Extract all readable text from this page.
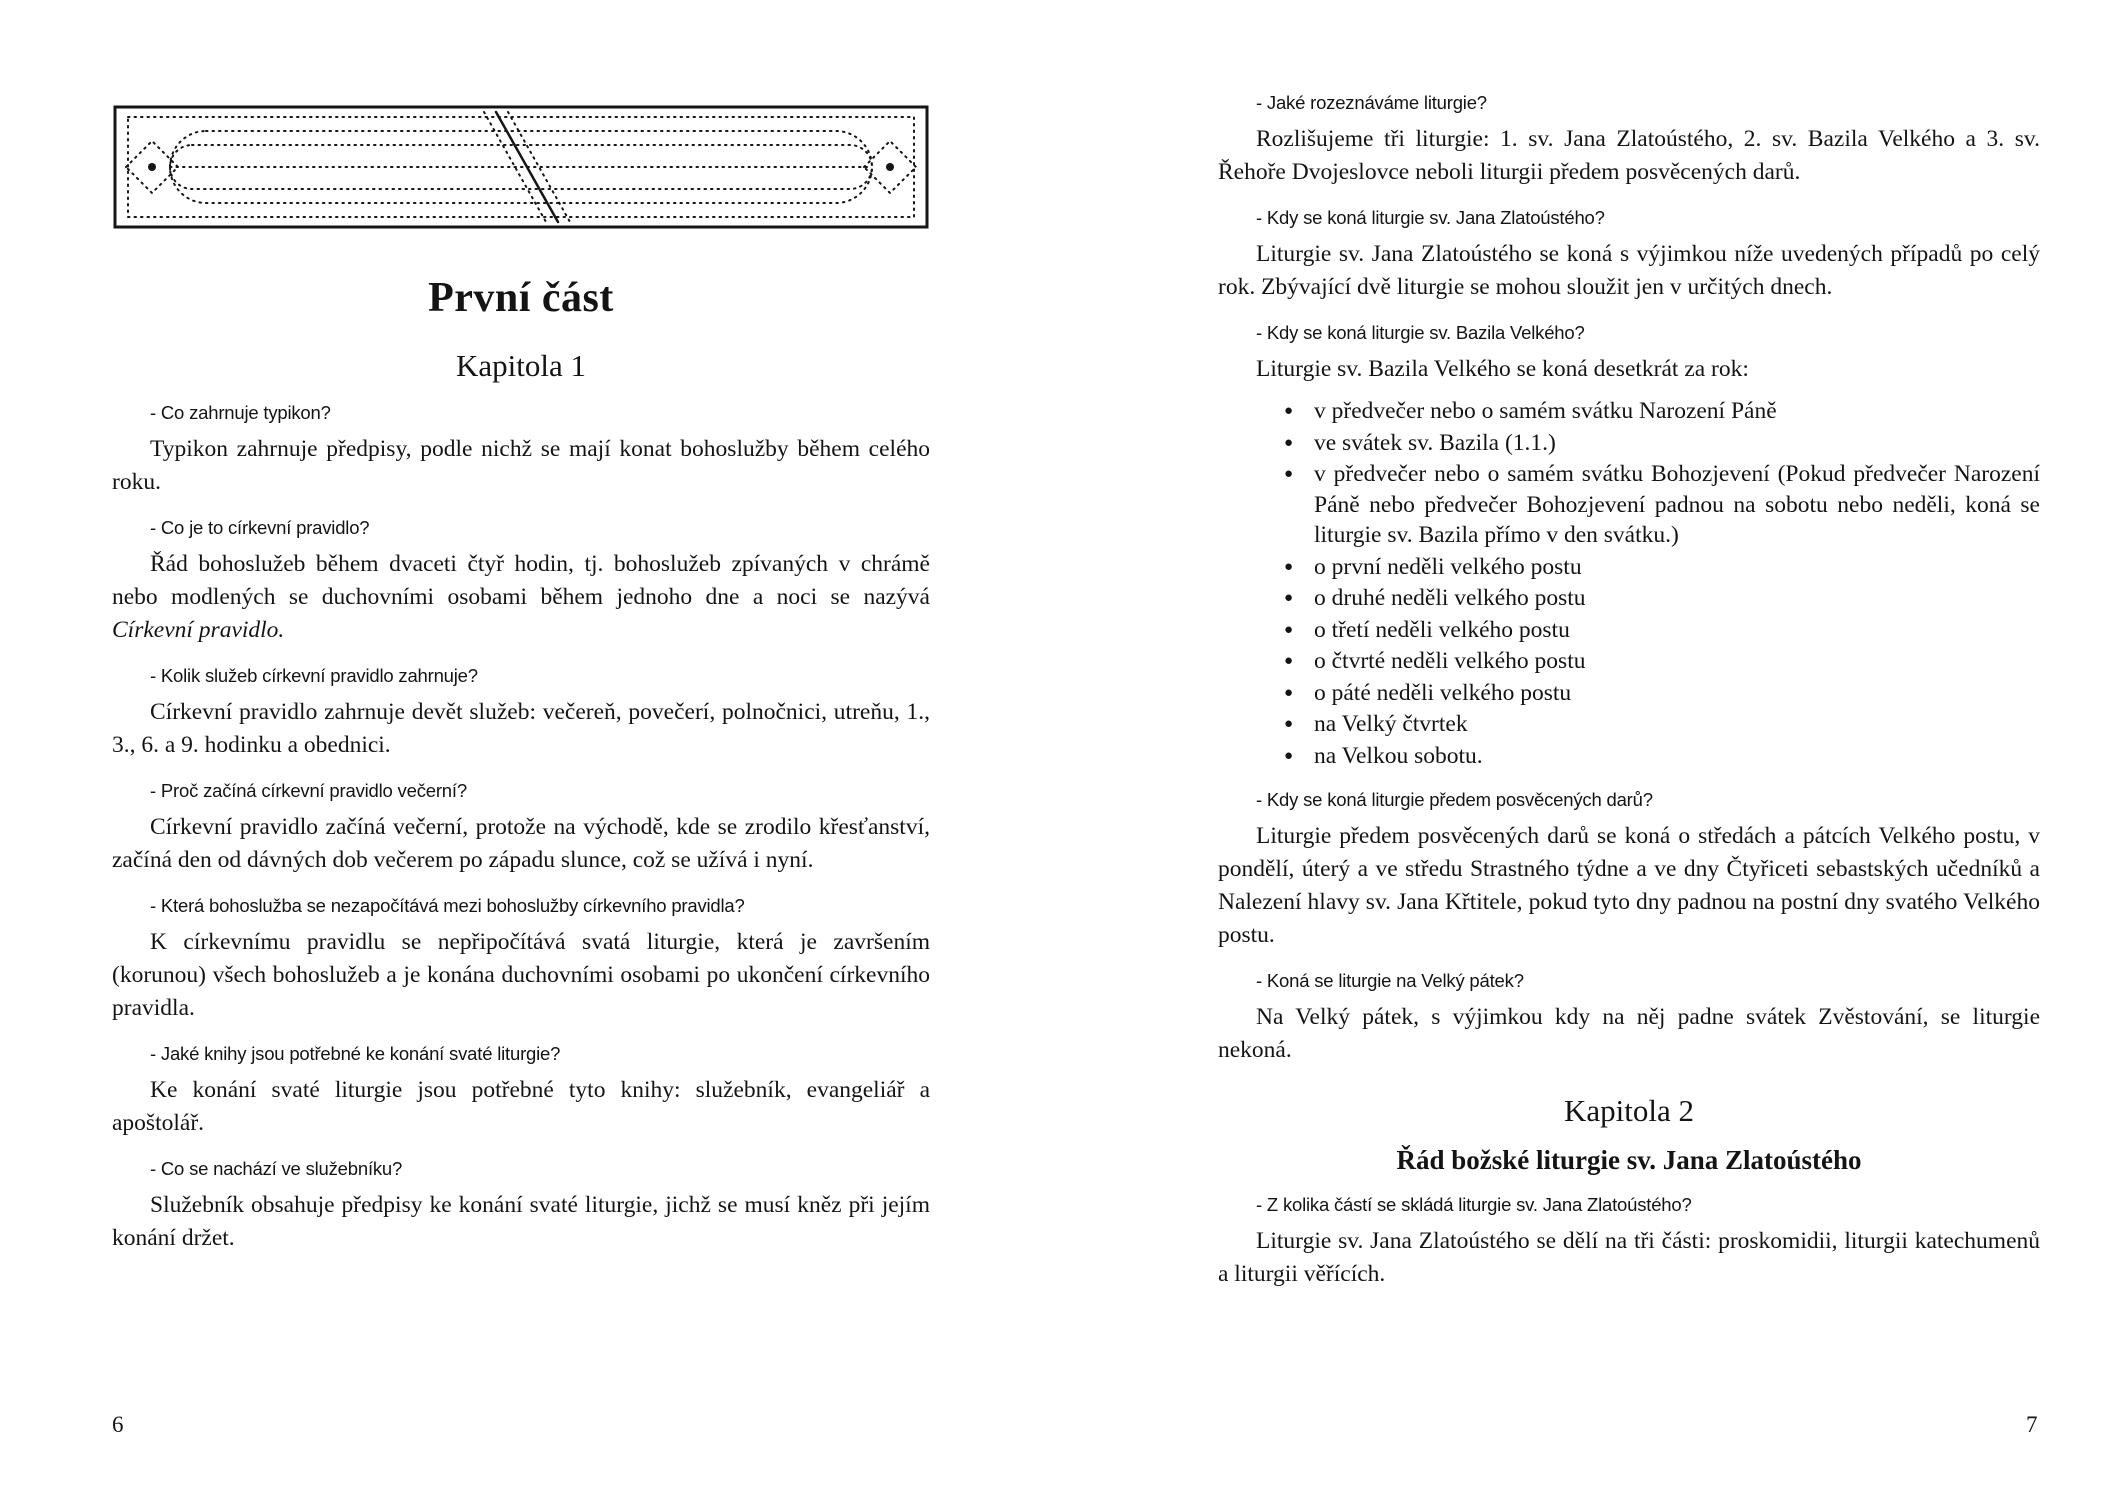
První část
Kapitola 1

- Co zahrnuje typikon?

Typikon zahrnuje předpisy, podle nichž se mají konat bohoslužby během celého roku.

- Co je to církevní pravidlo?

Řád bohoslužeb během dvaceti čtyř hodin, tj. bohoslužeb zpívaných v chrámě nebo modlených se duchovními osobami během jednoho dne a noci se nazývá Církevní pravidlo.

- Kolik služeb církevní pravidlo zahrnuje?

Církevní pravidlo zahrnuje devět služeb: večereň, povečerí, polnočnici, utreňu, 1., 3., 6. a 9. hodinku a obednici.

- Proč začíná církevní pravidlo večerní?

Církevní pravidlo začíná večerní, protože na východě, kde se zrodilo křesťanství, začíná den od dávných dob večerem po západu slunce, což se užívá i nyní.

- Která bohoslužba se nezapočítává mezi bohoslužby církevního pravidla?

K církevnímu pravidlu se nepřipočítává svatá liturgie, která je završením (korunou) všech bohoslužeb a je konána duchovními osobami po ukončení církevního pravidla.

- Jaké knihy jsou potřebné ke konání svaté liturgie?

Ke konání svaté liturgie jsou potřebné tyto knihy: služebník, evangeliář a apoštolář.

- Co se nachází ve služebníku?

Služebník obsahuje předpisy ke konání svaté liturgie, jichž se musí kněz při jejím konání držet.

- Jaké rozeznáváme liturgie?

Rozlišujeme tři liturgie: 1. sv. Jana Zlatoústého, 2. sv. Bazila Velkého a 3. sv. Řehoře Dvojeslovce neboli liturgii předem posvěcených darů.

- Kdy se koná liturgie sv. Jana Zlatoústého?

Liturgie sv. Jana Zlatoústého se koná s výjimkou níže uvedených případů po celý rok. Zbývající dvě liturgie se mohou sloužit jen v určitých dnech.

- Kdy se koná liturgie sv. Bazila Velkého?

Liturgie sv. Bazila Velkého se koná desetkrát za rok:

● v předvečer nebo o samém svátku Narození Páně
● ve svátek sv. Bazila (1.1.)
● v předvečer nebo o samém svátku Bohozjevení (Pokud předvečer Narození Páně nebo předvečer Bohozjevení padnou na sobotu nebo neděli, koná se liturgie sv. Bazila přímo v den svátku.)
● o první neděli velkého postu
● o druhé neděli velkého postu
● o třetí neděli velkého postu
● o čtvrté neděli velkého postu
● o páté neděli velkého postu
● na Velký čtvrtek
● na Velkou sobotu.

- Kdy se koná liturgie předem posvěcených darů?

Liturgie předem posvěcených darů se koná o středách a pátcích Velkého postu, v pondělí, úterý a ve středu Strastného týdne a ve dny Čtyřiceti sebastských učedníků a Nalezení hlavy sv. Jana Křtitele, pokud tyto dny padnou na postní dny svatého Velkého postu.

- Koná se liturgie na Velký pátek?

Na Velký pátek, s výjimkou kdy na něj padne svátek Zvěstování, se liturgie nekoná.

Kapitola 2
Řád božské liturgie sv. Jana Zlatoústého

- Z kolika částí se skládá liturgie sv. Jana Zlatoústého?

Liturgie sv. Jana Zlatoústého se dělí na tři části: proskomidii, liturgii katechumenů a liturgii věřících.

6	7
